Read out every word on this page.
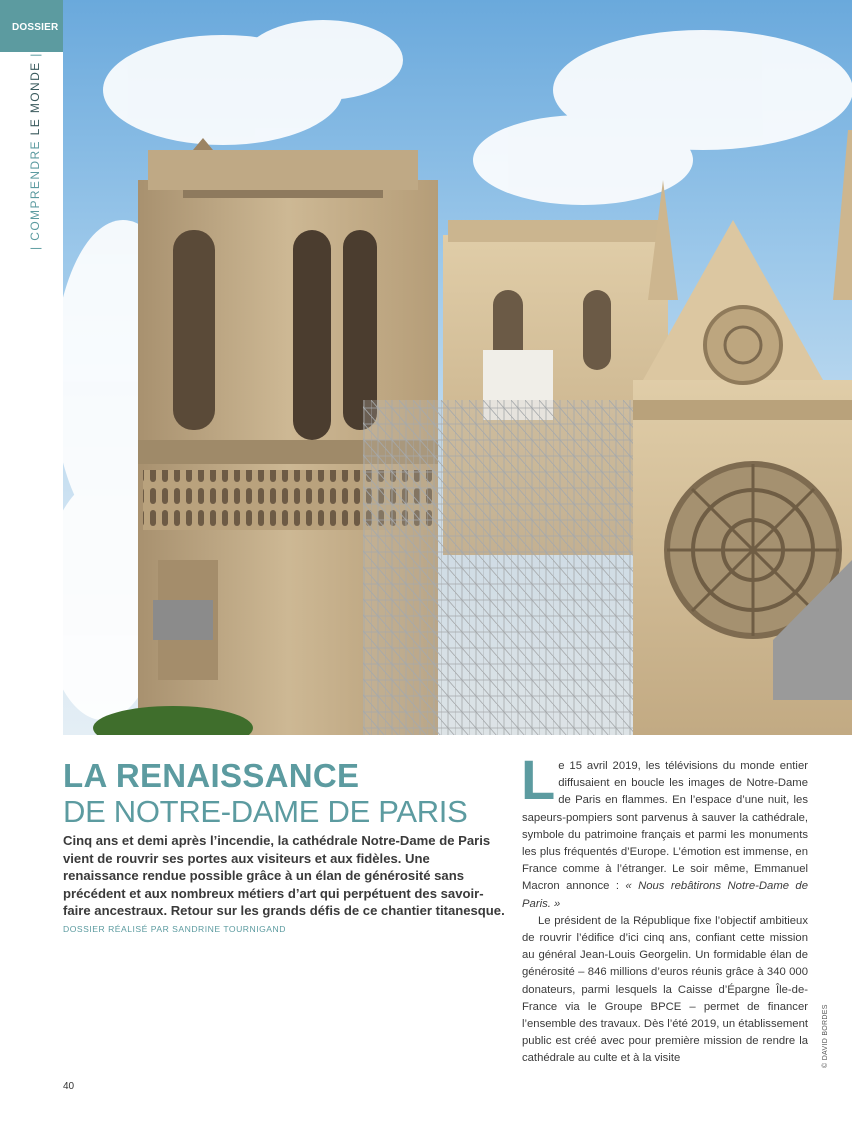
DOSSIER
| COMPRENDRE LE MONDE |
LA RENAISSANCE
DE NOTRE-DAME DE PARIS

Cinq ans et demi après l’incendie, la cathédrale Notre-Dame de Paris vient de rouvrir ses portes aux visiteurs et aux fidèles. Une renaissance rendue possible grâce à un élan de générosité sans précédent et aux nombreux métiers d’art qui perpétuent des savoir-faire ancestraux. Retour sur les grands défis de ce chantier titanesque.

DOSSIER RÉALISÉ PAR SANDRINE TOURNIGAND

Le 15 avril 2019, les télévisions du monde entier diffusaient en boucle les images de Notre-Dame de Paris en flammes. En l’espace d’une nuit, les sapeurs-pompiers sont parvenus à sauver la cathédrale, symbole du patrimoine français et parmi les monuments les plus fréquentés d’Europe. L’émotion est immense, en France comme à l’étranger. Le soir même, Emmanuel Macron annonce : « Nous rebâtirons Notre-Dame de Paris. »

Le président de la République fixe l’objectif ambitieux de rouvrir l’édifice d’ici cinq ans, confiant cette mission au général Jean-Louis Georgelin. Un formidable élan de générosité – 846 millions d’euros réunis grâce à 340 000 donateurs, parmi lesquels la Caisse d’Épargne Île-de-France via le Groupe BPCE – permet de financer l’ensemble des travaux. Dès l’été 2019, un établissement public est créé avec pour première mission de rendre la cathédrale au culte et à la visite	© DAVID BORDES
40
